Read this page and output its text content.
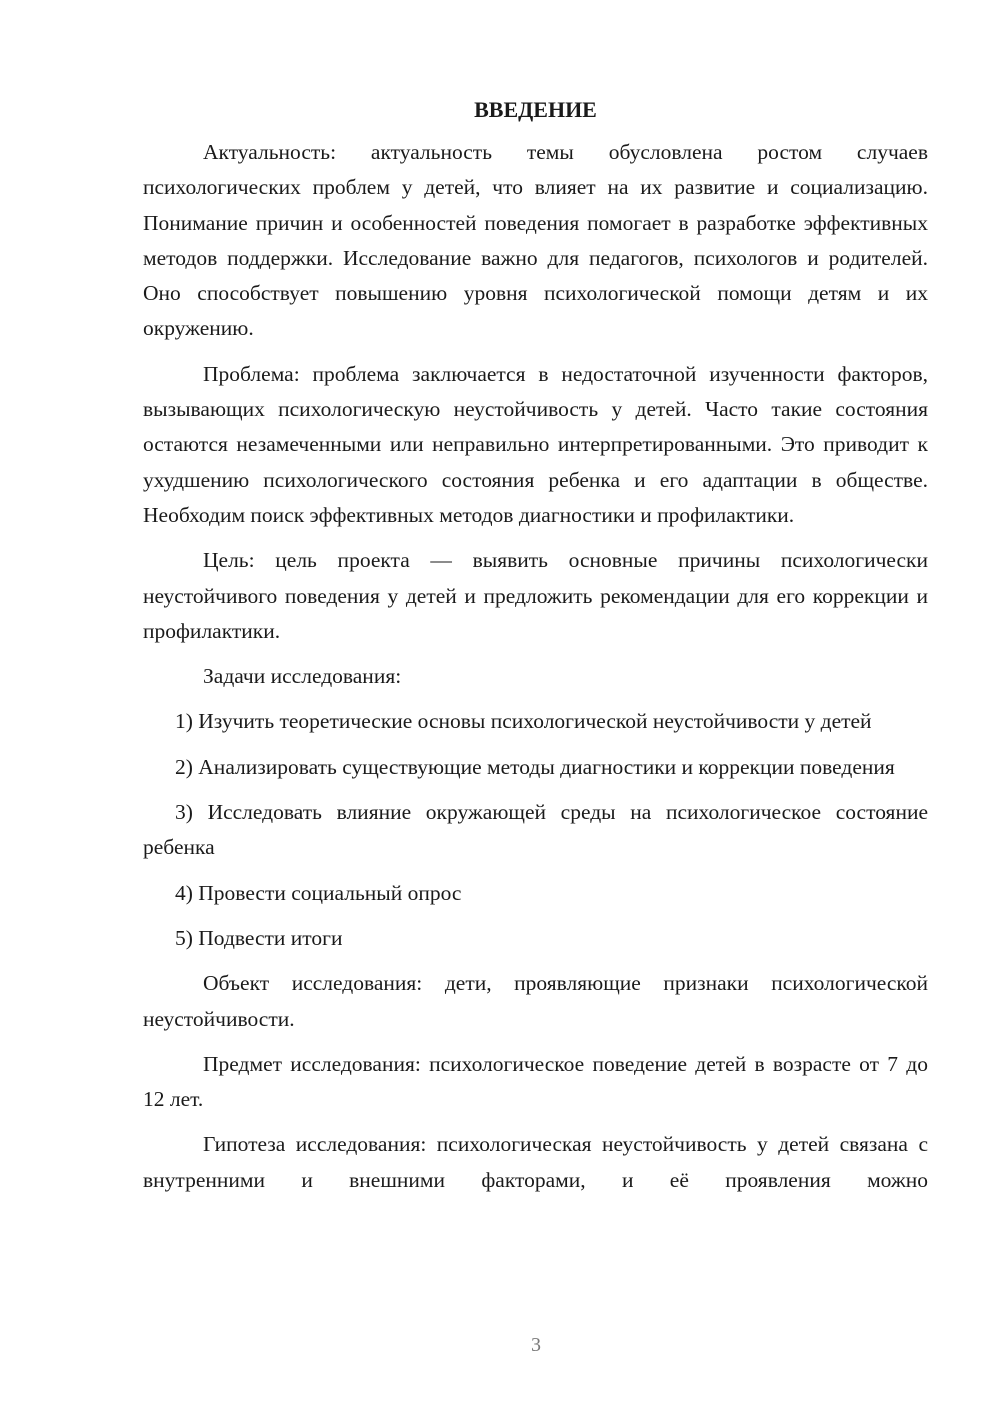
ВВЕДЕНИЕ

Актуальность: актуальность темы обусловлена ростом случаев психологических проблем у детей, что влияет на их развитие и социализацию. Понимание причин и особенностей поведения помогает в разработке эффективных методов поддержки. Исследование важно для педагогов, психологов и родителей. Оно способствует повышению уровня психологической помощи детям и их окружению.

Проблема: проблема заключается в недостаточной изученности факторов, вызывающих психологическую неустойчивость у детей. Часто такие состояния остаются незамеченными или неправильно интерпретированными. Это приводит к ухудшению психологического состояния ребенка и его адаптации в обществе. Необходим поиск эффективных методов диагностики и профилактики.

Цель: цель проекта — выявить основные причины психологически неустойчивого поведения у детей и предложить рекомендации для его коррекции и профилактики.

Задачи исследования:

1) Изучить теоретические основы психологической неустойчивости у детей

2) Анализировать существующие методы диагностики и коррекции поведения

3) Исследовать влияние окружающей среды на психологическое состояние ребенка

4) Провести социальный опрос

5) Подвести итоги

Объект исследования: дети, проявляющие признаки психологической неустойчивости.

Предмет исследования: психологическое поведение детей в возрасте от 7 до 12 лет.

Гипотеза исследования: психологическая неустойчивость у детей связана с внутренними и внешними факторами, и её проявления можно

3
